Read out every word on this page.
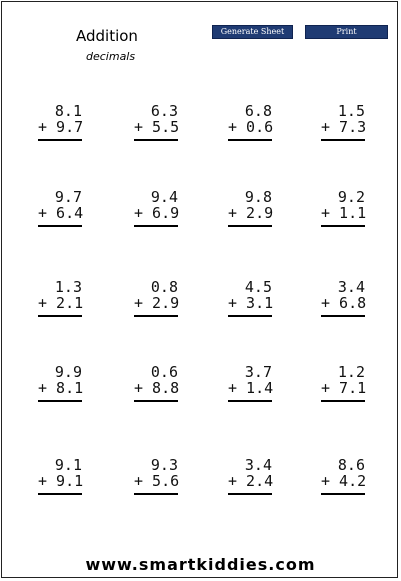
Addition
decimals
Generate Sheet	Print
8.1
+ 9.7
6.3
+ 5.5
6.8
+ 0.6
1.5
+ 7.3
9.7
+ 6.4
9.4
+ 6.9
9.8
+ 2.9
9.2
+ 1.1
1.3
+ 2.1
0.8
+ 2.9
4.5
+ 3.1
3.4
+ 6.8
9.9
+ 8.1
0.6
+ 8.8
3.7
+ 1.4
1.2
+ 7.1
9.1
+ 9.1
9.3
+ 5.6
3.4
+ 2.4
8.6
+ 4.2
www.smartkiddies.com
